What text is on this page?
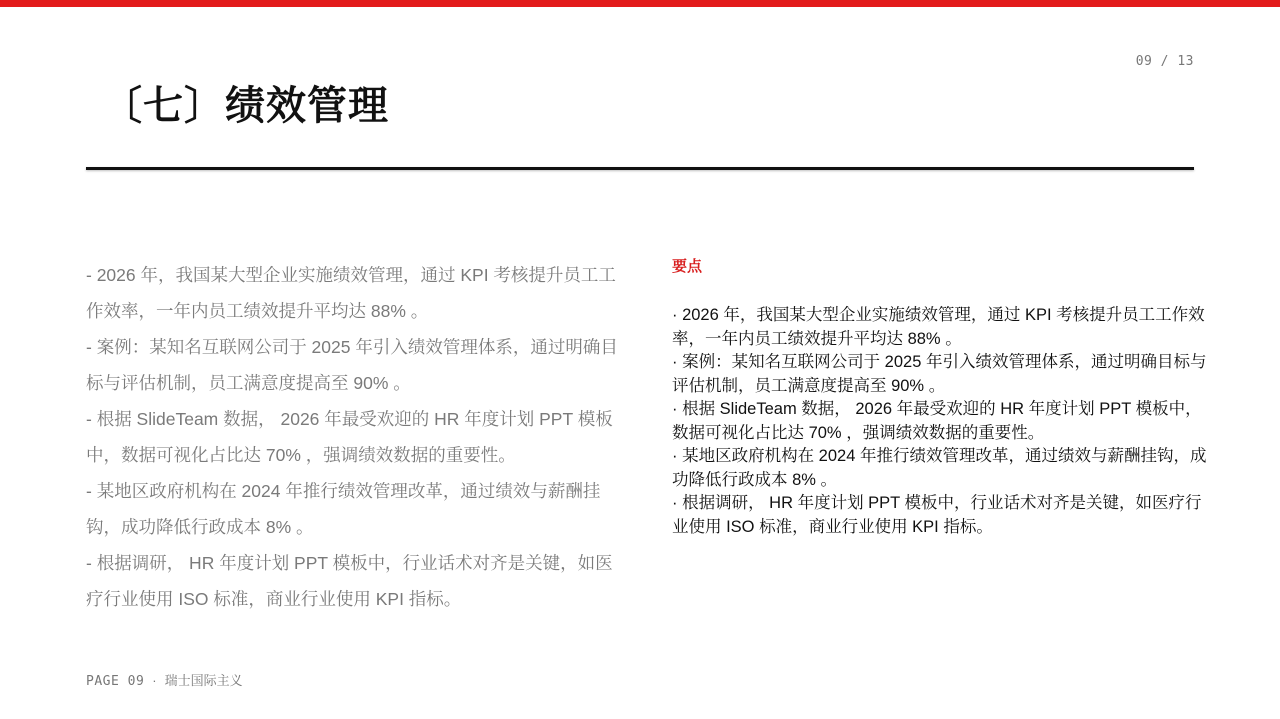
09 / 13
〔七〕绩效管理
- 2026 年，我国某大型企业实施绩效管理，通过 KPI 考核提升员工工作效率，一年内员工绩效提升平均达 88% 。
- 案例：某知名互联网公司于 2025 年引入绩效管理体系，通过明确目标与评估机制，员工满意度提高至 90% 。
- 根据 SlideTeam 数据， 2026 年最受欢迎的 HR 年度计划 PPT 模板中，数据可视化占比达 70% ，强调绩效数据的重要性。
- 某地区政府机构在 2024 年推行绩效管理改革，通过绩效与薪酬挂钩，成功降低行政成本 8% 。
- 根据调研， HR 年度计划 PPT 模板中，行业话术对齐是关键，如医疗行业使用 ISO 标准，商业行业使用 KPI 指标。
要点
· 2026 年，我国某大型企业实施绩效管理，通过 KPI 考核提升员工工作效率，一年内员工绩效提升平均达 88% 。
· 案例：某知名互联网公司于 2025 年引入绩效管理体系，通过明确目标与评估机制，员工满意度提高至 90% 。
· 根据 SlideTeam 数据， 2026 年最受欢迎的 HR 年度计划 PPT 模板中，数据可视化占比达 70% ，强调绩效数据的重要性。
· 某地区政府机构在 2024 年推行绩效管理改革，通过绩效与薪酬挂钩，成功降低行政成本 8% 。
· 根据调研， HR 年度计划 PPT 模板中，行业话术对齐是关键，如医疗行业使用 ISO 标准，商业行业使用 KPI 指标。
PAGE 09 · 瑞士国际主义
